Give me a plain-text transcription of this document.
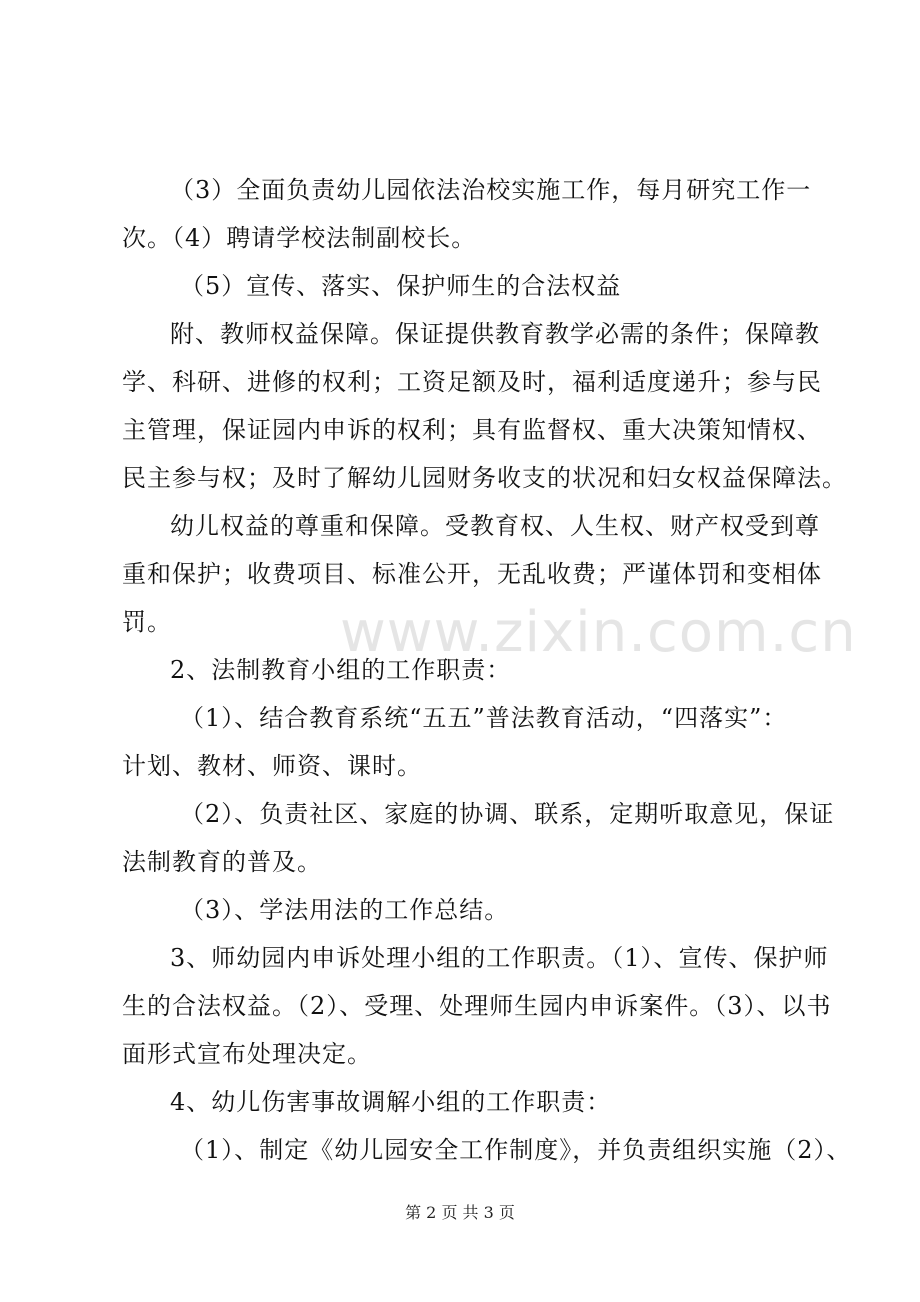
www.zixin.com.cn
（3）全面负责幼儿园依法治校实施工作，每月研究工作一
次。（4）聘请学校法制副校长。
（5）宣传、落实、保护师生的合法权益
附、教师权益保障。保证提供教育教学必需的条件；保障教
学、科研、进修的权利；工资足额及时，福利适度递升；参与民
主管理，保证园内申诉的权利；具有监督权、重大决策知情权、
民主参与权；及时了解幼儿园财务收支的状况和妇女权益保障法。
幼儿权益的尊重和保障。受教育权、人生权、财产权受到尊
重和保护；收费项目、标准公开，无乱收费；严谨体罚和变相体
罚。
2、法制教育小组的工作职责：
（1）、结合教育系统“五五”普法教育活动，“四落实”：
计划、教材、师资、课时。
（2）、负责社区、家庭的协调、联系，定期听取意见，保证
法制教育的普及。
（3）、学法用法的工作总结。
3、师幼园内申诉处理小组的工作职责。（1）、宣传、保护师
生的合法权益。（2）、受理、处理师生园内申诉案件。（3）、以书
面形式宣布处理决定。
4、幼儿伤害事故调解小组的工作职责：
（1）、制定《幼儿园安全工作制度》，并负责组织实施（2）、
第 2 页 共 3 页
